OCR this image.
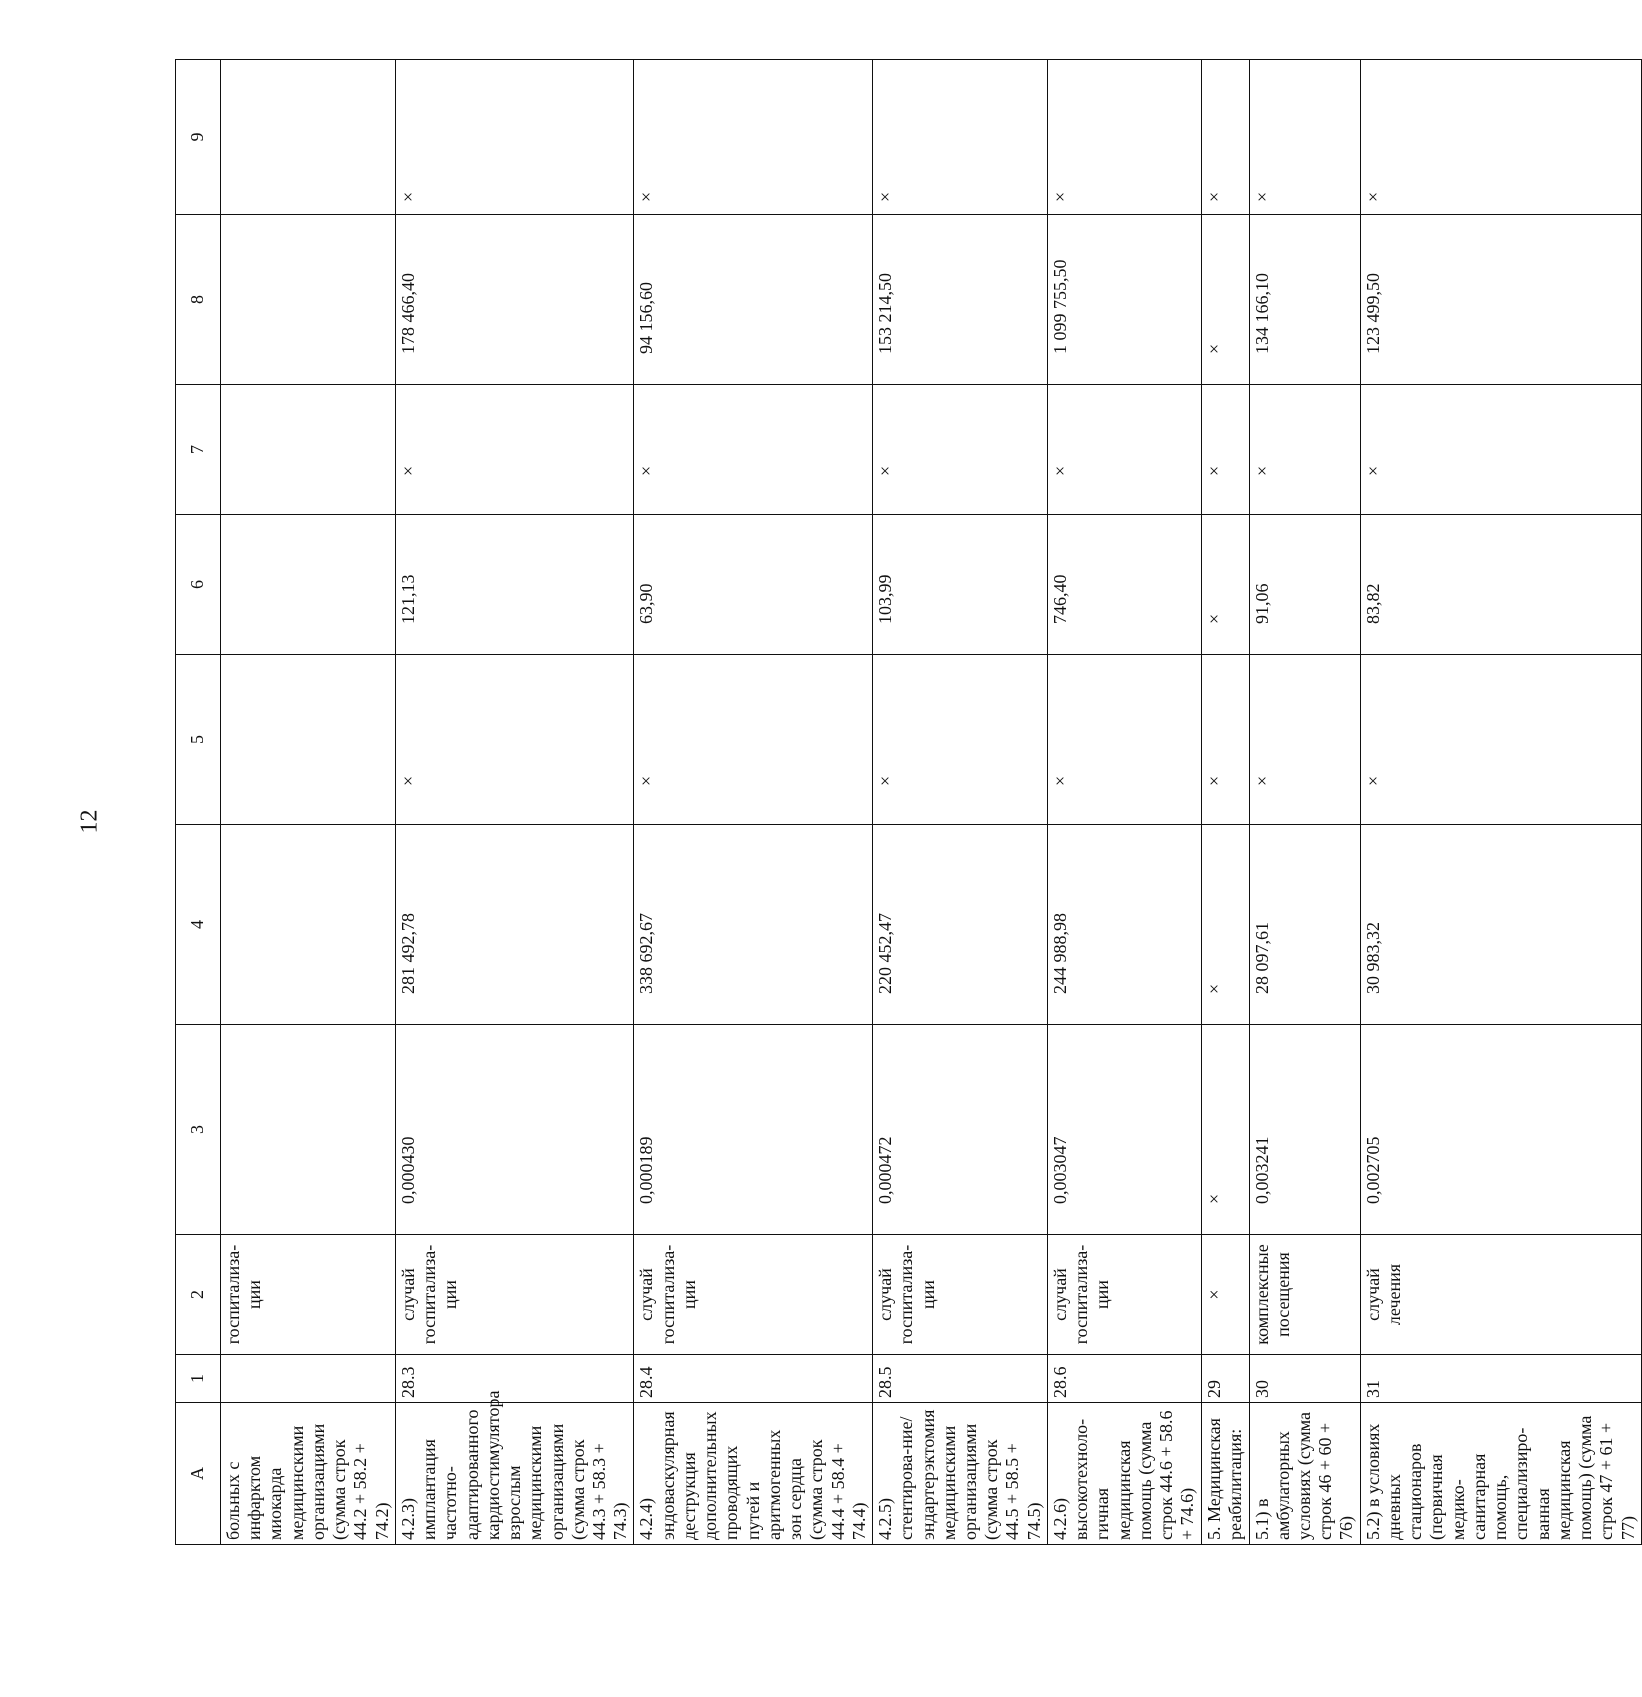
12
A	1	2	3	4	5	6	7	8	9
больных с инфарктом миокарда медицинскими организациями (сумма строк 44.2 + 58.2 + 74.2)		госпитализа-ции							
4.2.3) имплантация частотно-адаптированного кардиостимулятора взрослым медицинскими организациями (сумма строк 44.3 + 58.3 + 74.3)	28.3	случай госпитализа-ции	0,000430	281 492,78	×	121,13	×	178 466,40	×
4.2.4) эндоваскулярная деструкция дополнительных проводящих путей и аритмогенных зон сердца (сумма строк 44.4 + 58.4 + 74.4)	28.4	случай госпитализа-ции	0,000189	338 692,67	×	63,90	×	94 156,60	×
4.2.5) стентирова-ние/эндартерэктомия медицинскими организациями (сумма строк 44.5 + 58.5 + 74.5)	28.5	случай госпитализа-ции	0,000472	220 452,47	×	103,99	×	153 214,50	×
4.2.6) высокотехноло-гичная медицинская помощь (сумма строк 44.6 + 58.6 + 74.6)	28.6	случай госпитализа-ции	0,003047	244 988,98	×	746,40	×	1 099 755,50	×
5. Медицинская реабилитация:	29	×	×	×	×	×	×	×	×
5.1) в амбулаторных условиях (сумма строк 46 + 60 + 76)	30	комплексные посещения	0,003241	28 097,61	×	91,06	×	134 166,10	×
5.2) в условиях дневных стационаров (первичная медико-санитарная помощь, специализиро-ванная медицинская помощь) (сумма строк 47 + 61 + 77)	31	случай лечения	0,002705	30 983,32	×	83,82	×	123 499,50	×
